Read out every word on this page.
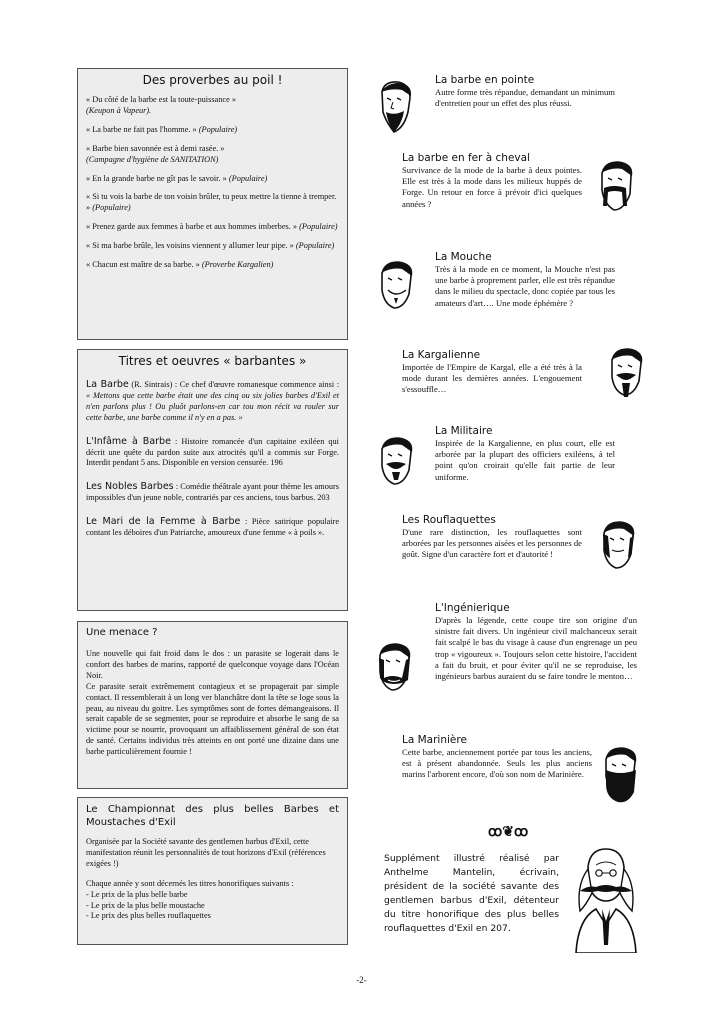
Des proverbes au poil !

« Du côté de la barbe est la toute-puissance »
(Keupon à Vapeur).

« La barbe ne fait pas l'homme. » (Populaire)

« Barbe bien savonnée est à demi rasée. »
(Campagne d'hygiène de SANITATION)

« En la grande barbe ne gît pas le savoir. » (Populaire)

« Si tu vois la barbe de ton voisin brûler, tu peux mettre la tienne à tremper. » (Populaire)

« Prenez garde aux femmes à barbe et aux hommes imberbes. » (Populaire)

« Si ma barbe brûle, les voisins viennent y allumer leur pipe. » (Populaire)

« Chacun est maître de sa barbe. » (Proverbe Kargalien)

Titres et oeuvres « barbantes »

La Barbe (R. Sintrais) : Ce chef d'œuvre romanesque commence ainsi : « Mettons que cette barbe était une des cinq ou six jolies barbes d'Exil et n'en parlons plus ! Ou pluôt parlons-en car tou mon récit va rouler sur cette barbe, une barbe comme il n'y en a pas. »

L'Infâme à Barbe : Histoire romancée d'un capitaine exiléen qui décrit une quête du pardon suite aux atrocités qu'il a commis sur Forge. Interdit pendant 5 ans. Disponible en version censurée. 196

Les Nobles Barbes : Comédie théâtrale ayant pour thème les amours impossibles d'un jeune noble, contrariés par ces anciens, tous barbus. 203

Le Mari de la Femme à Barbe : Pièce satirique populaire contant les déboires d'un Patriarche, amoureux d'une femme « à poils ».

Une menace ?

Une nouvelle qui fait froid dans le dos : un parasite se logerait dans le confort des barbes de marins, rapporté de quelconque voyage dans l'Océan Noir.

Ce parasite serait extrêmement contagieux et se propagerait par simple contact. Il ressemblerait à un long ver blanchâtre dont la tête se loge sous la peau, au niveau du goitre. Les symptômes sont de fortes démangeaisons. Il serait capable de se segmenter, pour se reproduire et absorbe le sang de sa victime pour se nourrir, provoquant un affaiblissement général de son état de santé. Certains individus très atteints en ont porté une dizaine dans une barbe particulièrement fournie !

Le Championnat des plus belles Barbes et Moustaches d'Exil

Organisée par la Société savante des gentlemen barbus d'Exil, cette manifestation réunit les personnalités de tout horizons d'Exil (références exigées !)

Chaque année y sont décernés les titres honorifiques suivants :

- Le prix de la plus belle barbe
- Le prix de la plus belle moustache
- Le prix des plus belles rouflaquettes
La barbe en pointe

Autre forme très répandue, demandant un minimum d'entretien pour un effet des plus réussi.

La barbe en fer à cheval

Survivance de la mode de la barbe à deux pointes. Elle est très à la mode dans les milieux huppés de Forge. Un retour en force à prévoir d'ici quelques années ?

La Mouche

Très à la mode en ce moment, la Mouche n'est pas une barbe à proprement parler, elle est très répandue dans le milieu du spectacle, donc copiée par tous les amateurs d'art…. Une mode éphémère ?

La Kargalienne

Importée de l'Empire de Kargal, elle a été très à la mode durant les dernières années. L'engouement s'essouffle…

La Militaire

Inspirée de la Kargalienne, en plus court, elle est arborée par la plupart des officiers exiléens, à tel point qu'on croirait qu'elle fait partie de leur uniforme.

Les Rouflaquettes

D'une rare distinction, les rouflaquettes sont arborées par les personnes aisées et les personnes de goût. Signe d'un caractère fort et d'autorité !

L'Ingénierique

D'après la légende, cette coupe tire son origine d'un sinistre fait divers. Un ingénieur civil malchanceux serait fait scalpé le bas du visage à cause d'un engrenage un peu trop « vigoureux ». Toujours selon cette histoire, l'accident a fait du bruit, et pour éviter qu'il ne se reproduise, les ingénieurs barbus auraient du se faire tondre le menton…

La Marinière

Cette barbe, anciennement portée par tous les anciens, est à présent abandonnée. Seuls les plus anciens marins l'arborent encore, d'où son nom de Marinière.

ꝏ❦ꝏ
Supplément illustré réalisé par Anthelme Mantelin, écrivain, président de la société savante des gentlemen barbus d'Exil, détenteur du titre honorifique des plus belles rouflaquettes d'Exil en 207.
-2-
